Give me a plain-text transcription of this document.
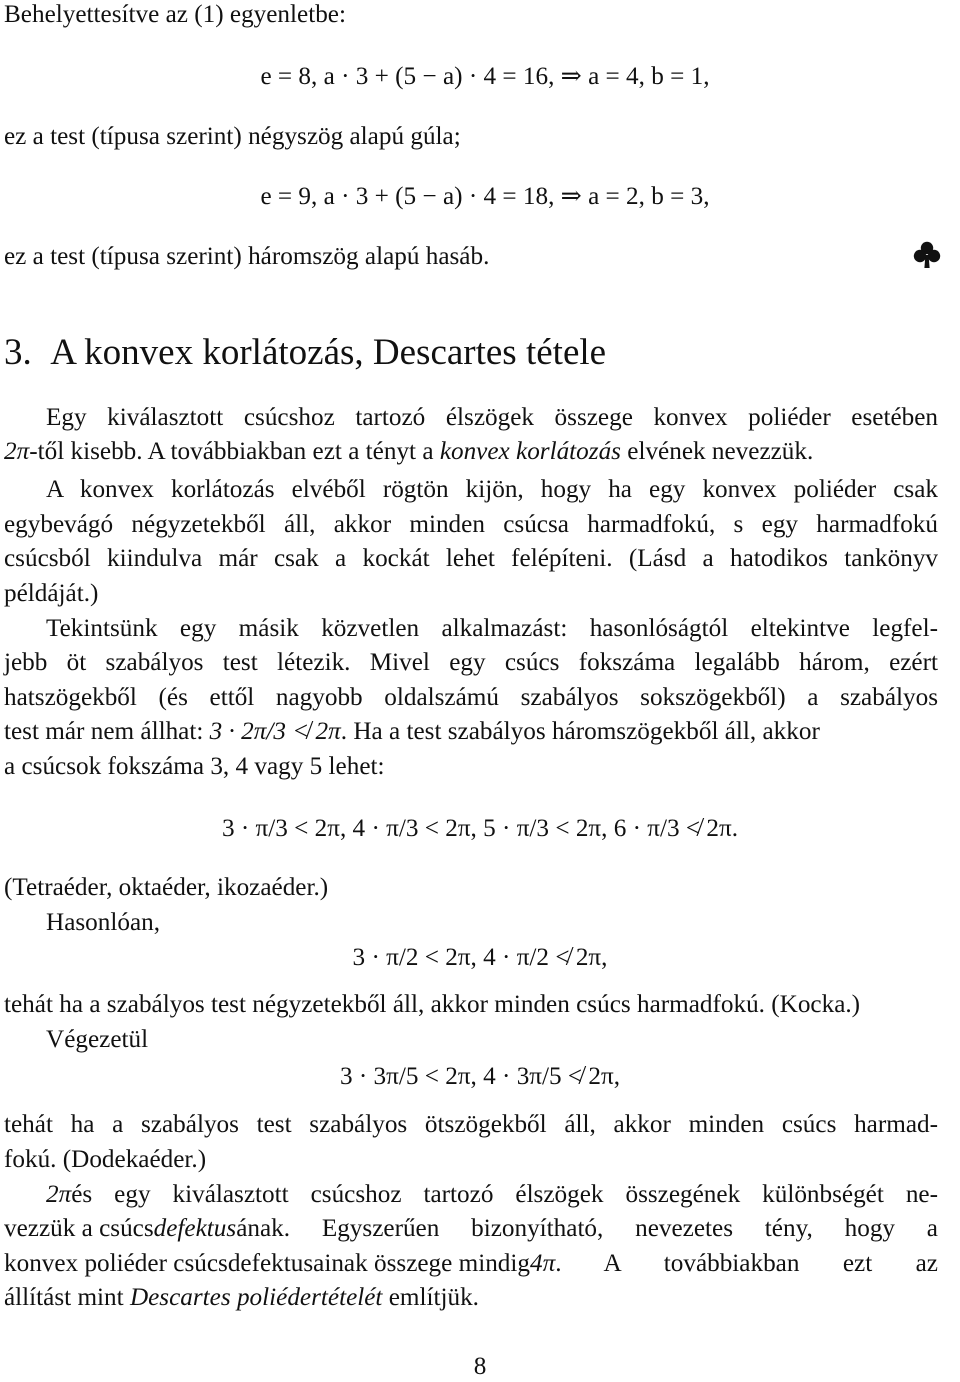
Behelyettesítve az (1) egyenletbe:
e = 8, a · 3 + (5 − a) · 4 = 16, ⇒ a = 4, b = 1,
ez a test (típusa szerint) négyszög alapú gúla;
e = 9, a · 3 + (5 − a) · 4 = 18, ⇒ a = 2, b = 3,
ez a test (típusa szerint) háromszög alapú hasáb.
3. A konvex korlátozás, Descartes tétele
Egy kiválasztott csúcshoz tartozó élszögek összege konvex poliéder esetében
2π-től kisebb. A továbbiakban ezt a tényt a konvex korlátozás elvének nevezzük.
A konvex korlátozás elvéből rögtön kijön, hogy ha egy konvex poliéder csak
egybevágó négyzetekből áll, akkor minden csúcsa harmadfokú, s egy harmadfokú
csúcsból kiindulva már csak a kockát lehet felépíteni. (Lásd a hatodikos tankönyv
példáját.)
Tekintsünk egy másik közvetlen alkalmazást: hasonlóságtól eltekintve legfel-
jebb öt szabályos test létezik. Mivel egy csúcs fokszáma legalább három, ezért
hatszögekből (és ettől nagyobb oldalszámú szabályos sokszögekből) a szabályos
test már nem állhat: 3 · 2π/3 ≮ 2π. Ha a test szabályos háromszögekből áll, akkor
a csúcsok fokszáma 3, 4 vagy 5 lehet:
3 · π/3 < 2π, 4 · π/3 < 2π, 5 · π/3 < 2π, 6 · π/3 ≮ 2π.
(Tetraéder, oktaéder, ikozaéder.)
Hasonlóan,
3 · π/2 < 2π, 4 · π/2 ≮ 2π,
tehát ha a szabályos test négyzetekből áll, akkor minden csúcs harmadfokú. (Kocka.)
Végezetül
3 · 3π/5 < 2π, 4 · 3π/5 ≮ 2π,
tehát ha a szabályos test szabályos ötszögekből áll, akkor minden csúcs harmad-
fokú. (Dodekaéder.)
2π és egy kiválasztott csúcshoz tartozó élszögek összegének különbségét ne-
vezzük a csúcs defektus ának. Egyszerűen bizonyítható, nevezetes tény, hogy a
konvex poliéder csúcsdefektusainak összege mindig 4π . A továbbiakban ezt az
állítást mint Descartes poliédertételét említjük.
8
